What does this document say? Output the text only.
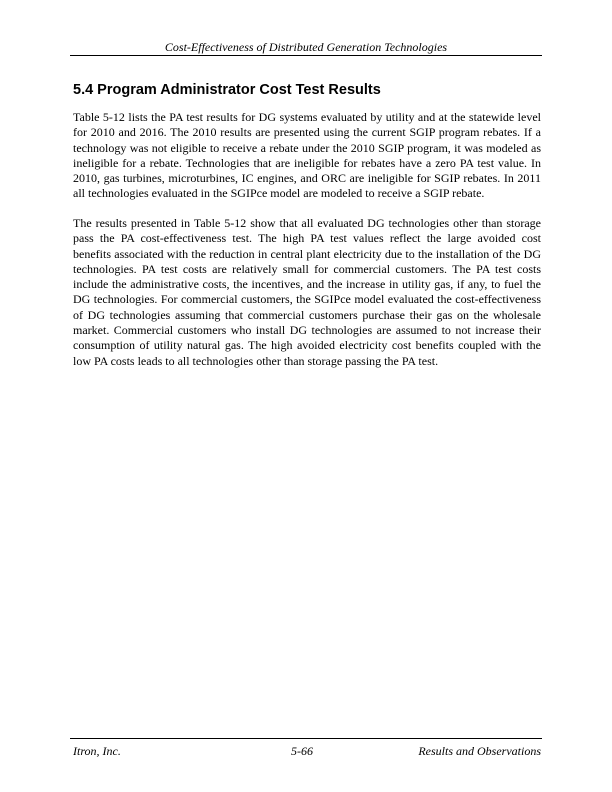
Cost-Effectiveness of Distributed Generation Technologies
5.4 Program Administrator Cost Test Results
Table 5-12 lists the PA test results for DG systems evaluated by utility and at the statewide level
for 2010 and 2016. The 2010 results are presented using the current SGIP program rebates. If a
technology was not eligible to receive a rebate under the 2010 SGIP program, it was modeled as
ineligible for a rebate. Technologies that are ineligible for rebates have a zero PA test value. In
2010, gas turbines, microturbines, IC engines, and ORC are ineligible for SGIP rebates. In 2011
all technologies evaluated in the SGIPce model are modeled to receive a SGIP rebate.
The results presented in Table 5-12 show that all evaluated DG technologies other than storage
pass the PA cost-effectiveness test. The high PA test values reflect the large avoided cost
benefits associated with the reduction in central plant electricity due to the installation of the DG
technologies. PA test costs are relatively small for commercial customers. The PA test costs
include the administrative costs, the incentives, and the increase in utility gas, if any, to fuel the
DG technologies. For commercial customers, the SGIPce model evaluated the cost-effectiveness
of DG technologies assuming that commercial customers purchase their gas on the wholesale
market. Commercial customers who install DG technologies are assumed to not increase their
consumption of utility natural gas. The high avoided electricity cost benefits coupled with the
low PA costs leads to all technologies other than storage passing the PA test.
Itron, Inc.	5-66	Results and Observations
